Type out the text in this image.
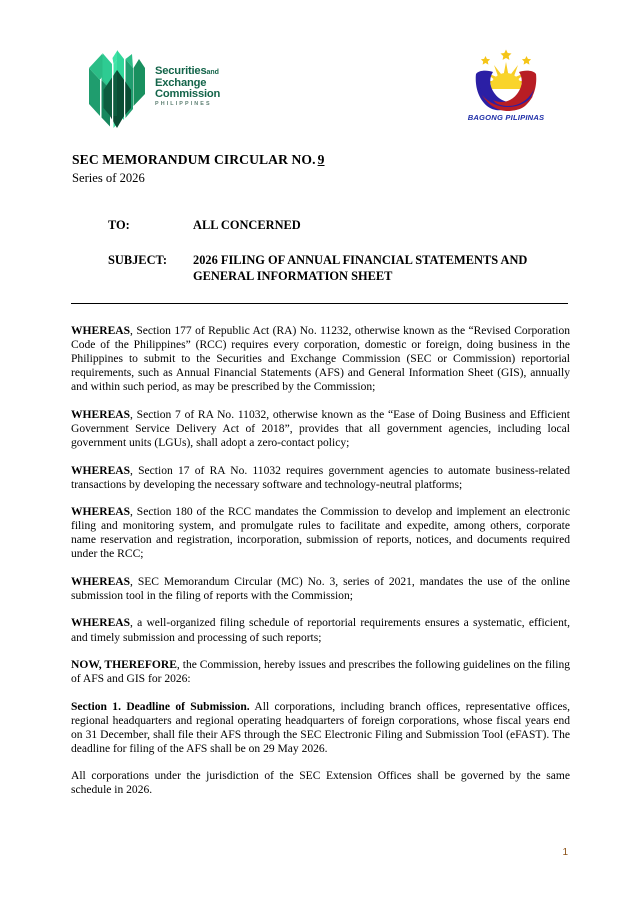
Securitiesand
Exchange
Commission
PHILIPPINES
BAGONG PILIPINAS
SEC MEMORANDUM CIRCULAR NO. 9
Series of 2026
TO:	ALL CONCERNED
SUBJECT:	2026 FILING OF ANNUAL FINANCIAL STATEMENTS AND
GENERAL INFORMATION SHEET

WHEREAS, Section 177 of Republic Act (RA) No. 11232, otherwise known as the “Revised Corporation Code of the Philippines” (RCC) requires every corporation, domestic or foreign, doing business in the Philippines to submit to the Securities and Exchange Commission (SEC or Commission) reportorial requirements, such as Annual Financial Statements (AFS) and General Information Sheet (GIS), annually and within such period, as may be prescribed by the Commission;

WHEREAS, Section 7 of RA No. 11032, otherwise known as the “Ease of Doing Business and Efficient Government Service Delivery Act of 2018”, provides that all government agencies, including local government units (LGUs), shall adopt a zero-contact policy;

WHEREAS, Section 17 of RA No. 11032 requires government agencies to automate business-related transactions by developing the necessary software and technology-neutral platforms;

WHEREAS, Section 180 of the RCC mandates the Commission to develop and implement an electronic filing and monitoring system, and promulgate rules to facilitate and expedite, among others, corporate name reservation and registration, incorporation, submission of reports, notices, and documents required under the RCC;

WHEREAS, SEC Memorandum Circular (MC) No. 3, series of 2021, mandates the use of the online submission tool in the filing of reports with the Commission;

WHEREAS, a well-organized filing schedule of reportorial requirements ensures a systematic, efficient, and timely submission and processing of such reports;

NOW, THEREFORE, the Commission, hereby issues and prescribes the following guidelines on the filing of AFS and GIS for 2026:

Section 1. Deadline of Submission. All corporations, including branch offices, representative offices, regional headquarters and regional operating headquarters of foreign corporations, whose fiscal years end on 31 December, shall file their AFS through the SEC Electronic Filing and Submission Tool (eFAST). The deadline for filing of the AFS shall be on 29 May 2026.

All corporations under the jurisdiction of the SEC Extension Offices shall be governed by the same schedule in 2026.

1
